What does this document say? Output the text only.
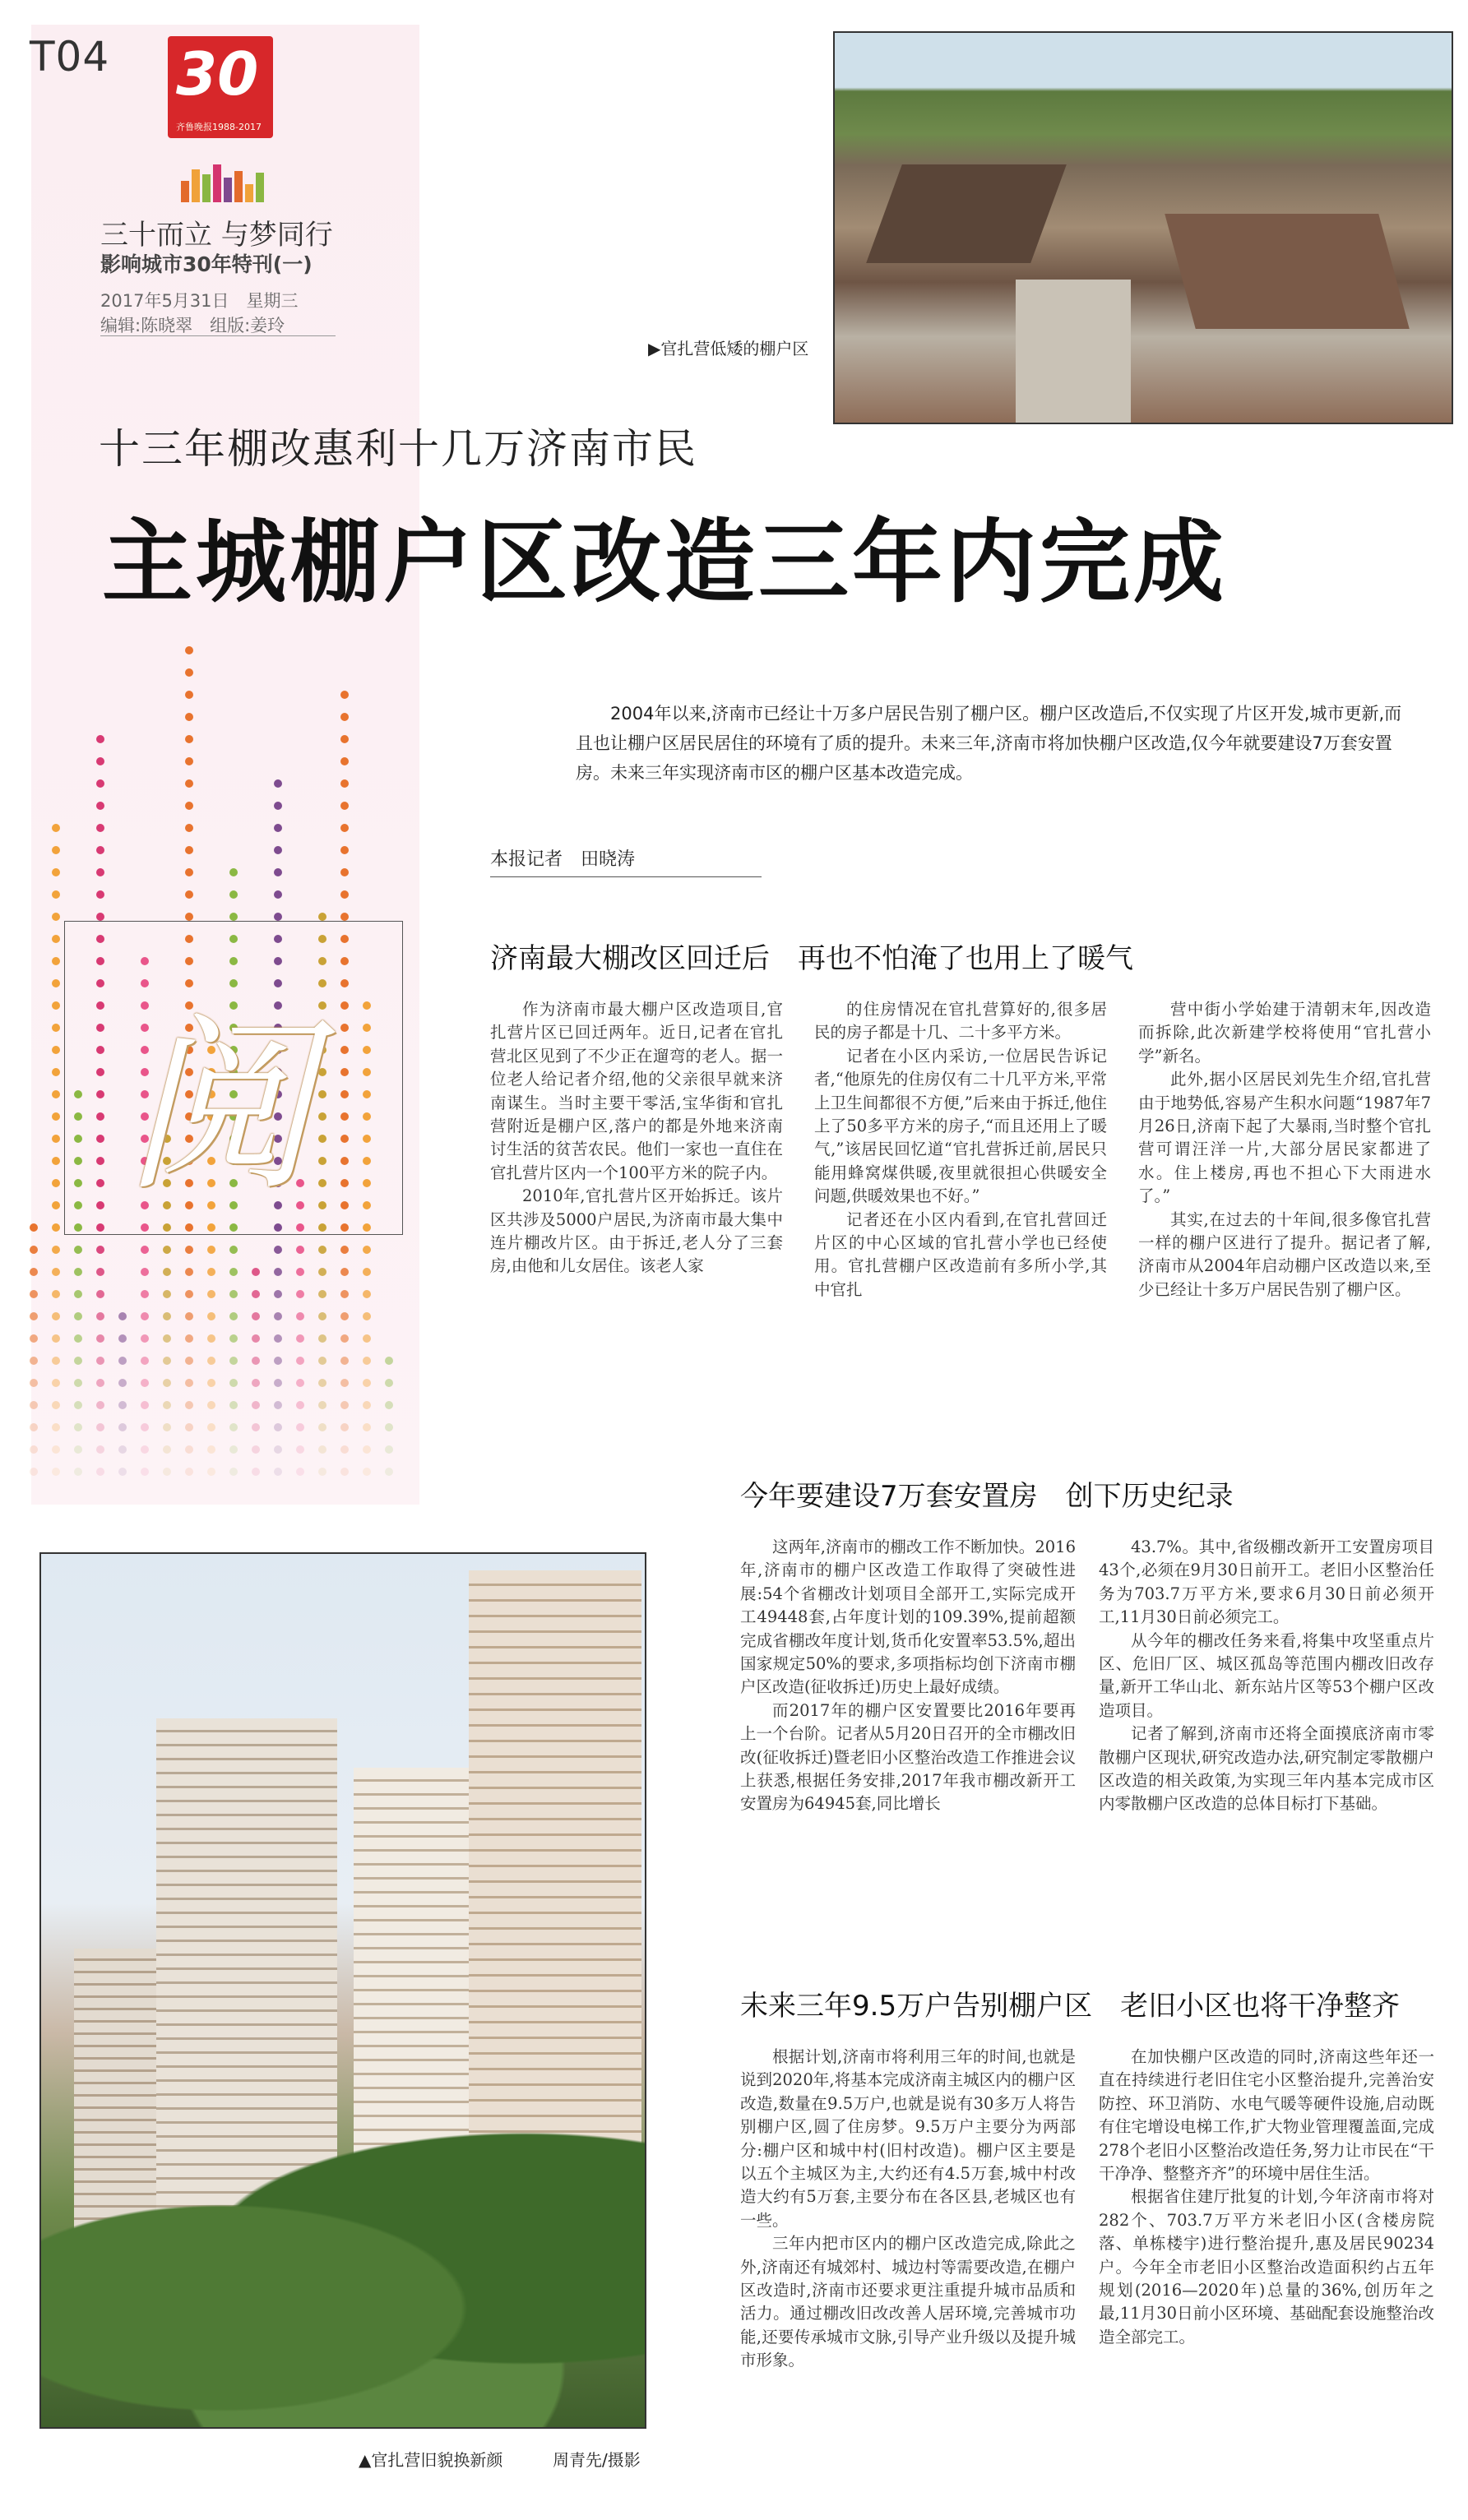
T04 30
齐鲁晚报1988-2017
三十而立 与梦同行
影响城市30年特刊(一)
2017年5月31日　星期三
编辑:陈晓翠　组版:姜玲
▶官扎营低矮的棚户区
十三年棚改惠利十几万济南市民
主城棚户区改造三年内完成
阅
2004年以来,济南市已经让十万多户居民告别了棚户区。棚户区改造后,不仅实现了片区开发,城市更新,而且也让棚户区居民居住的环境有了质的提升。未来三年,济南市将加快棚户区改造,仅今年就要建设7万套安置房。未来三年实现济南市区的棚户区基本改造完成。
本报记者　田晓涛
济南最大棚改区回迁后　再也不怕淹了也用上了暖气

作为济南市最大棚户区改造项目,官扎营片区已回迁两年。近日,记者在官扎营北区见到了不少正在遛弯的老人。据一位老人给记者介绍,他的父亲很早就来济南谋生。当时主要干零活,宝华街和官扎营附近是棚户区,落户的都是外地来济南讨生活的贫苦农民。他们一家也一直住在官扎营片区内一个100平方米的院子内。

2010年,官扎营片区开始拆迁。该片区共涉及5000户居民,为济南市最大集中连片棚改片区。由于拆迁,老人分了三套房,由他和儿女居住。该老人家

的住房情况在官扎营算好的,很多居民的房子都是十几、二十多平方米。

记者在小区内采访,一位居民告诉记者,“他原先的住房仅有二十几平方米,平常上卫生间都很不方便,”后来由于拆迁,他住上了50多平方米的房子,“而且还用上了暖气,”该居民回忆道“官扎营拆迁前,居民只能用蜂窝煤供暖,夜里就很担心供暖安全问题,供暖效果也不好。”

记者还在小区内看到,在官扎营回迁片区的中心区域的官扎营小学也已经使用。官扎营棚户区改造前有多所小学,其中官扎

营中街小学始建于清朝末年,因改造而拆除,此次新建学校将使用“官扎营小学”新名。

此外,据小区居民刘先生介绍,官扎营由于地势低,容易产生积水问题“1987年7月26日,济南下起了大暴雨,当时整个官扎营可谓汪洋一片,大部分居民家都进了水。住上楼房,再也不担心下大雨进水了。”

其实,在过去的十年间,很多像官扎营一样的棚户区进行了提升。据记者了解,济南市从2004年启动棚户区改造以来,至少已经让十多万户居民告别了棚户区。

今年要建设7万套安置房　创下历史纪录

这两年,济南市的棚改工作不断加快。2016年,济南市的棚户区改造工作取得了突破性进展:54个省棚改计划项目全部开工,实际完成开工49448套,占年度计划的109.39%,提前超额完成省棚改年度计划,货币化安置率53.5%,超出国家规定50%的要求,多项指标均创下济南市棚户区改造(征收拆迁)历史上最好成绩。

而2017年的棚户区安置要比2016年要再上一个台阶。记者从5月20日召开的全市棚改旧改(征收拆迁)暨老旧小区整治改造工作推进会议上获悉,根据任务安排,2017年我市棚改新开工安置房为64945套,同比增长

43.7%。其中,省级棚改新开工安置房项目43个,必须在9月30日前开工。老旧小区整治任务为703.7万平方米,要求6月30日前必须开工,11月30日前必须完工。

从今年的棚改任务来看,将集中攻坚重点片区、危旧厂区、城区孤岛等范围内棚改旧改存量,新开工华山北、新东站片区等53个棚户区改造项目。

记者了解到,济南市还将全面摸底济南市零散棚户区现状,研究改造办法,研究制定零散棚户区改造的相关政策,为实现三年内基本完成市区内零散棚户区改造的总体目标打下基础。

未来三年9.5万户告别棚户区　老旧小区也将干净整齐

根据计划,济南市将利用三年的时间,也就是说到2020年,将基本完成济南主城区内的棚户区改造,数量在9.5万户,也就是说有30多万人将告别棚户区,圆了住房梦。9.5万户主要分为两部分:棚户区和城中村(旧村改造)。棚户区主要是以五个主城区为主,大约还有4.5万套,城中村改造大约有5万套,主要分布在各区县,老城区也有一些。

三年内把市区内的棚户区改造完成,除此之外,济南还有城郊村、城边村等需要改造,在棚户区改造时,济南市还要求更注重提升城市品质和活力。通过棚改旧改改善人居环境,完善城市功能,还要传承城市文脉,引导产业升级以及提升城市形象。

在加快棚户区改造的同时,济南这些年还一直在持续进行老旧住宅小区整治提升,完善治安防控、环卫消防、水电气暖等硬件设施,启动既有住宅增设电梯工作,扩大物业管理覆盖面,完成278个老旧小区整治改造任务,努力让市民在“干干净净、整整齐齐”的环境中居住生活。

根据省住建厅批复的计划,今年济南市将对282个、703.7万平方米老旧小区(含楼房院落、单栋楼宇)进行整治提升,惠及居民90234户。今年全市老旧小区整治改造面积约占五年规划(2016—2020年)总量的36%,创历年之最,11月30日前小区环境、基础配套设施整治改造全部完工。

▲官扎营旧貌换新颜	周青先/摄影
